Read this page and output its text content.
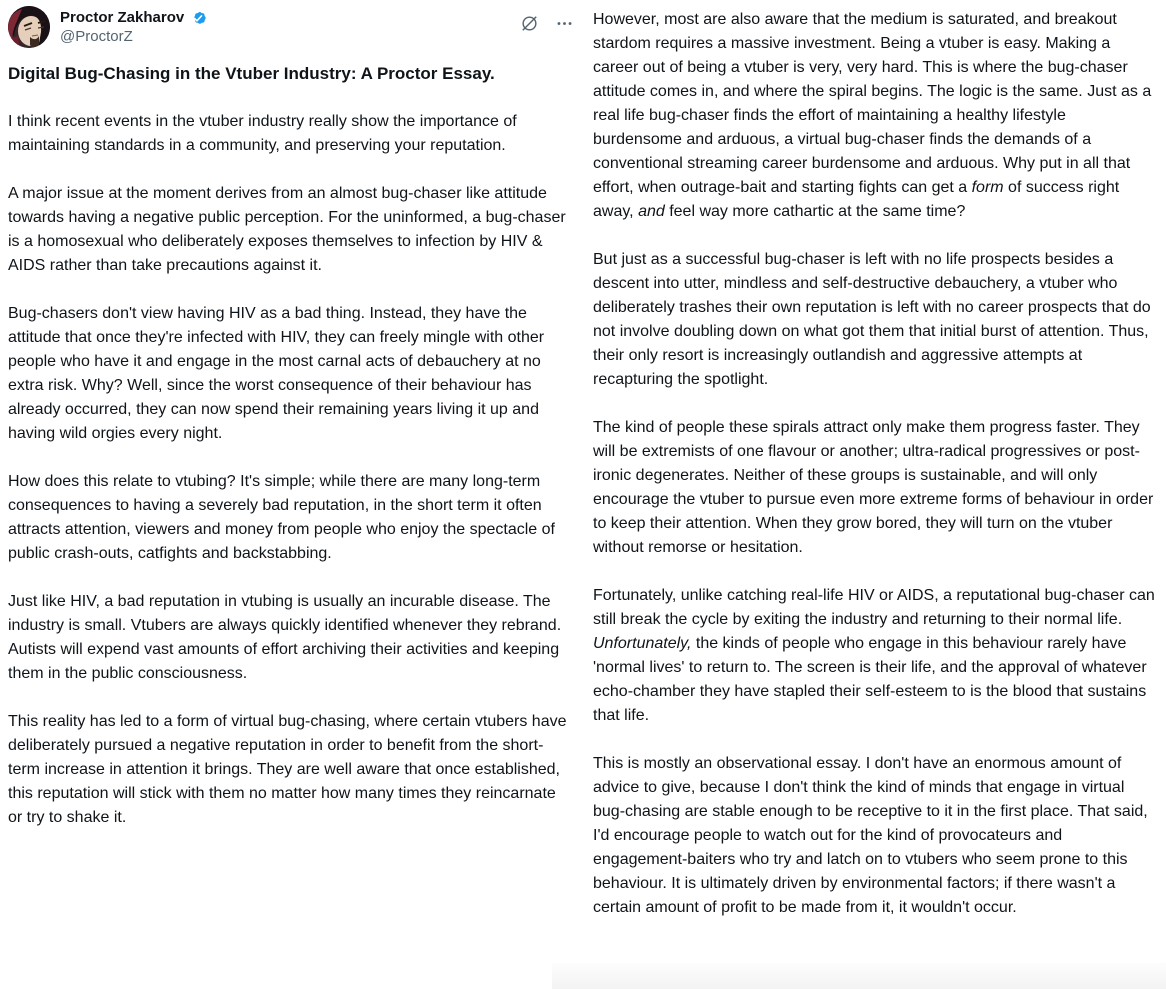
Proctor Zakharov
@ProctorZ
Digital Bug-Chasing in the Vtuber Industry: A Proctor Essay.

I think recent events in the vtuber industry really show the importance of maintaining standards in a community, and preserving your reputation.

A major issue at the moment derives from an almost bug-chaser like attitude towards having a negative public perception. For the uninformed, a bug-chaser is a homosexual who deliberately exposes themselves to infection by HIV & AIDS rather than take precautions against it.

Bug-chasers don't view having HIV as a bad thing. Instead, they have the attitude that once they're infected with HIV, they can freely mingle with other people who have it and engage in the most carnal acts of debauchery at no extra risk. Why? Well, since the worst consequence of their behaviour has already occurred, they can now spend their remaining years living it up and having wild orgies every night.

How does this relate to vtubing? It's simple; while there are many long-term consequences to having a severely bad reputation, in the short term it often attracts attention, viewers and money from people who enjoy the spectacle of public crash-outs, catfights and backstabbing.

Just like HIV, a bad reputation in vtubing is usually an incurable disease. The industry is small. Vtubers are always quickly identified whenever they rebrand. Autists will expend vast amounts of effort archiving their activities and keeping them in the public consciousness.

This reality has led to a form of virtual bug-chasing, where certain vtubers have deliberately pursued a negative reputation in order to benefit from the short-term increase in attention it brings. They are well aware that once established, this reputation will stick with them no matter how many times they reincarnate or try to shake it.

However, most are also aware that the medium is saturated, and breakout stardom requires a massive investment. Being a vtuber is easy. Making a career out of being a vtuber is very, very hard. This is where the bug-chaser attitude comes in, and where the spiral begins. The logic is the same. Just as a real life bug-chaser finds the effort of maintaining a healthy lifestyle burdensome and arduous, a virtual bug-chaser finds the demands of a conventional streaming career burdensome and arduous. Why put in all that effort, when outrage-bait and starting fights can get a form of success right away, and feel way more cathartic at the same time?

But just as a successful bug-chaser is left with no life prospects besides a descent into utter, mindless and self-destructive debauchery, a vtuber who deliberately trashes their own reputation is left with no career prospects that do not involve doubling down on what got them that initial burst of attention. Thus, their only resort is increasingly outlandish and aggressive attempts at recapturing the spotlight.

The kind of people these spirals attract only make them progress faster. They will be extremists of one flavour or another; ultra-radical progressives or post-ironic degenerates. Neither of these groups is sustainable, and will only encourage the vtuber to pursue even more extreme forms of behaviour in order to keep their attention. When they grow bored, they will turn on the vtuber without remorse or hesitation.

Fortunately, unlike catching real-life HIV or AIDS, a reputational bug-chaser can still break the cycle by exiting the industry and returning to their normal life. Unfortunately, the kinds of people who engage in this behaviour rarely have 'normal lives' to return to. The screen is their life, and the approval of whatever echo-chamber they have stapled their self-esteem to is the blood that sustains that life.

This is mostly an observational essay. I don't have an enormous amount of advice to give, because I don't think the kind of minds that engage in virtual bug-chasing are stable enough to be receptive to it in the first place. That said, I'd encourage people to watch out for the kind of provocateurs and engagement-baiters who try and latch on to vtubers who seem prone to this behaviour. It is ultimately driven by environmental factors; if there wasn't a certain amount of profit to be made from it, it wouldn't occur.
